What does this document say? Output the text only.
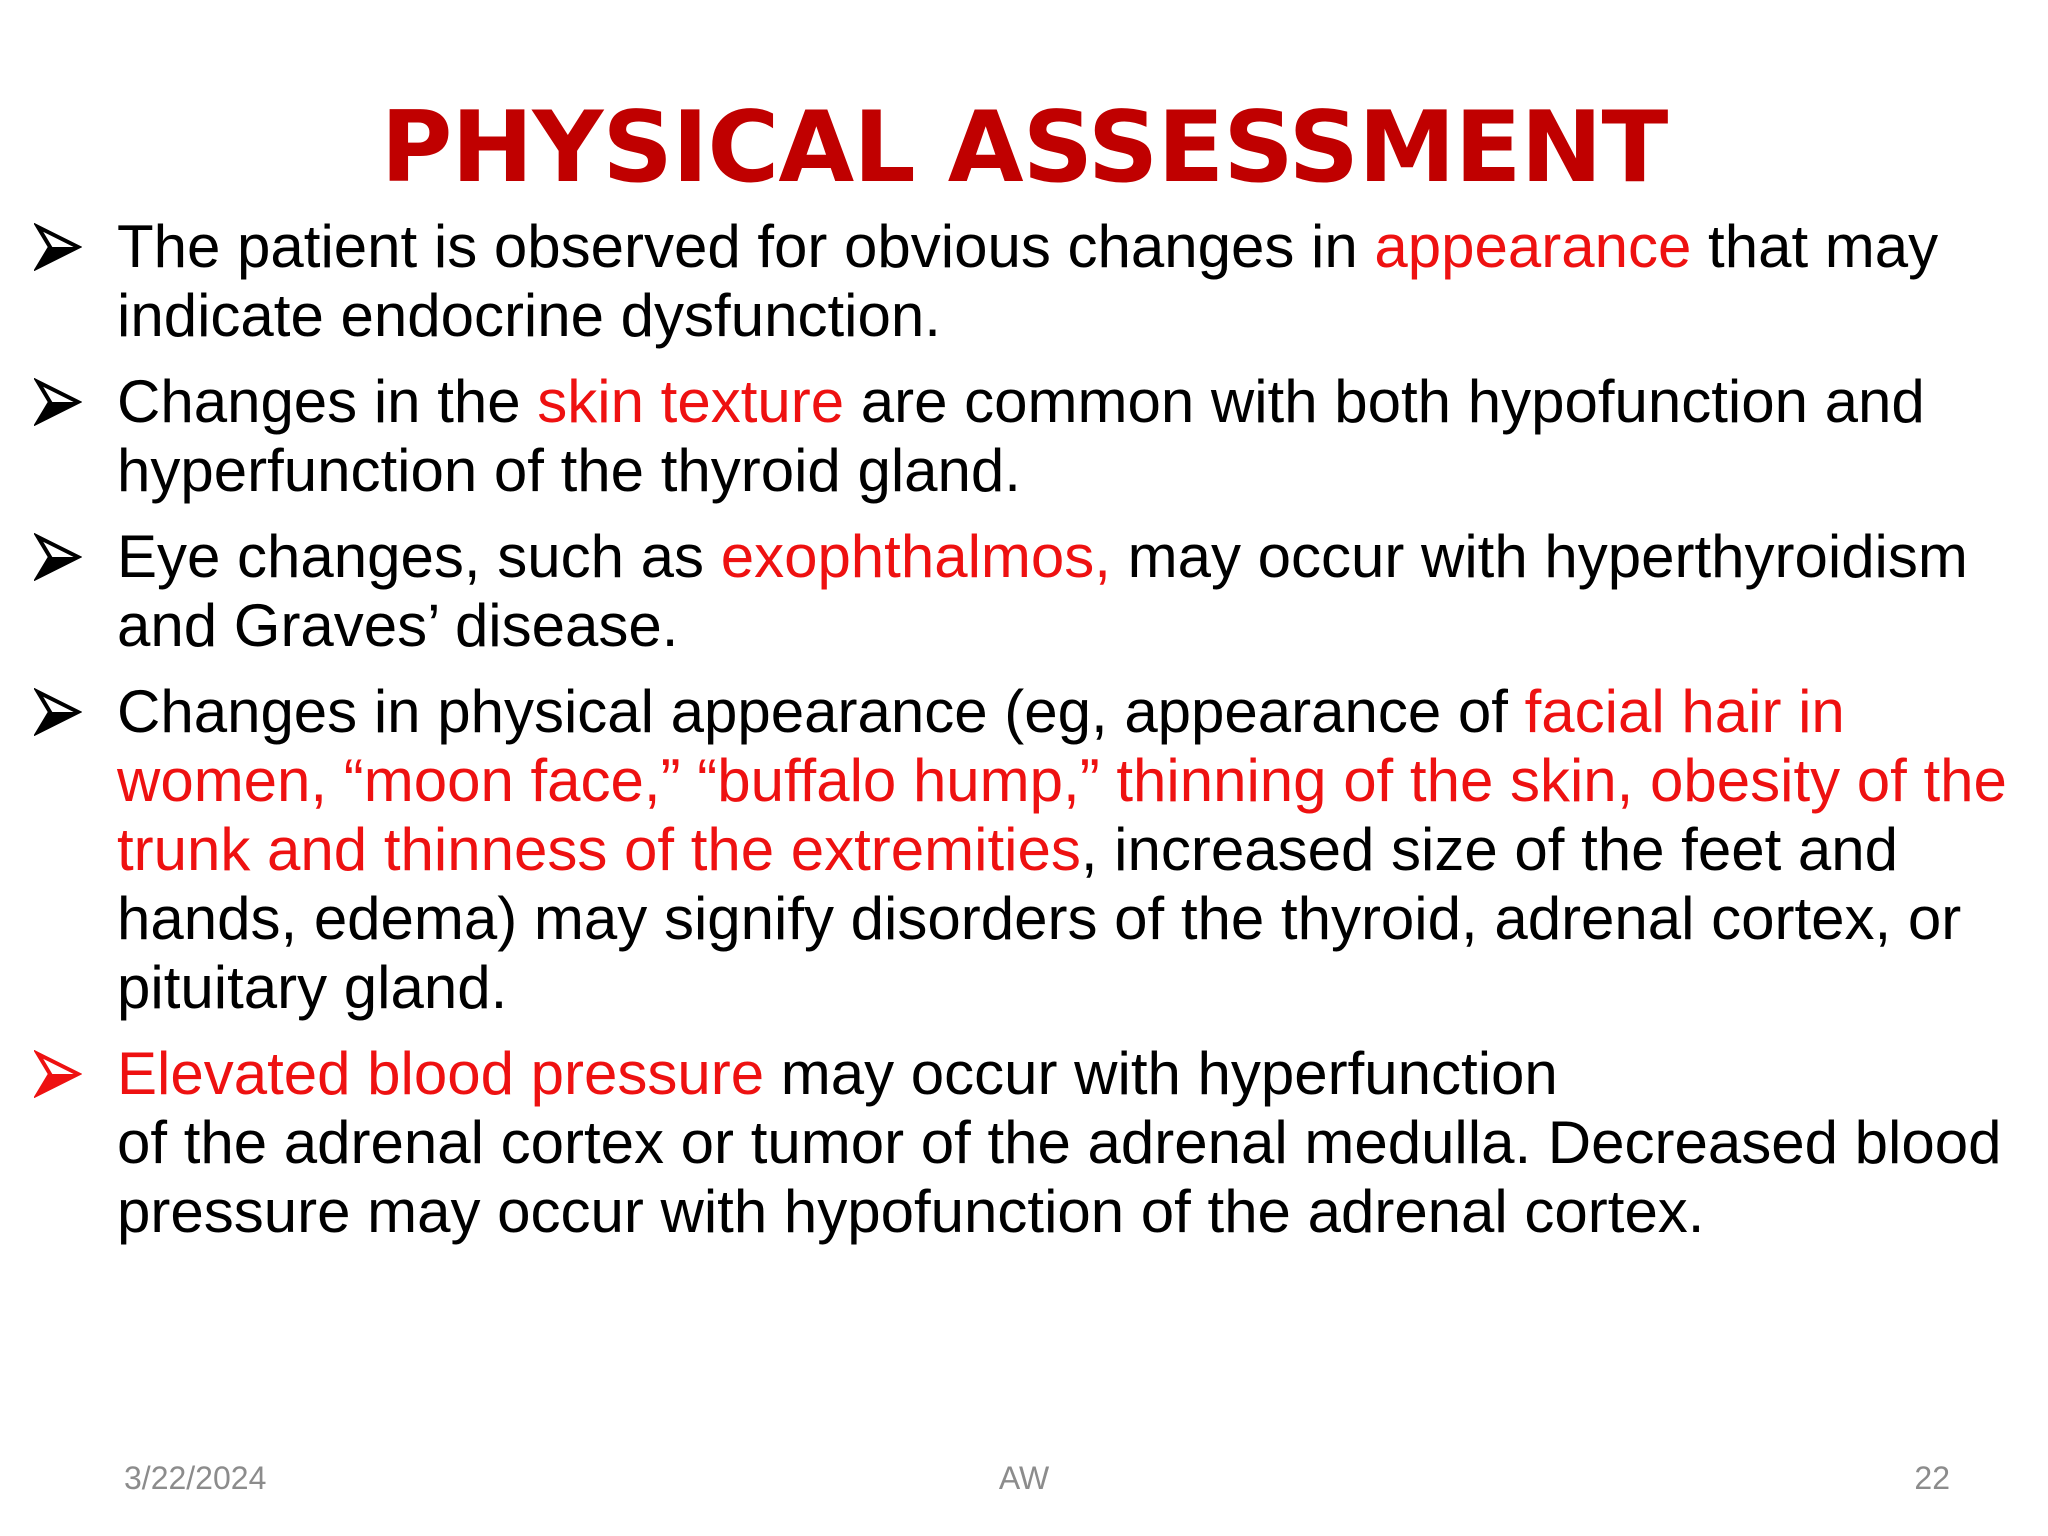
PHYSICAL ASSESSMENT
The patient is observed for obvious changes in appearance that may indicate endocrine dysfunction.
Changes in the skin texture are common with both hypofunction and hyperfunction of the thyroid gland.
Eye changes, such as exophthalmos, may occur with hyperthyroidism and Graves’ disease.
Changes in physical appearance (eg, appearance of facial hair in women, “moon face,” “buffalo hump,” thinning of the skin, obesity of the trunk and thinness of the extremities, increased size of the feet and hands, edema) may signify disorders of the thyroid, adrenal cortex, or pituitary gland.
Elevated blood pressure may occur with hyperfunction
of the adrenal cortex or tumor of the adrenal medulla. Decreased blood pressure may occur with hypofunction of the adrenal cortex.
3/22/2024	AW	22
